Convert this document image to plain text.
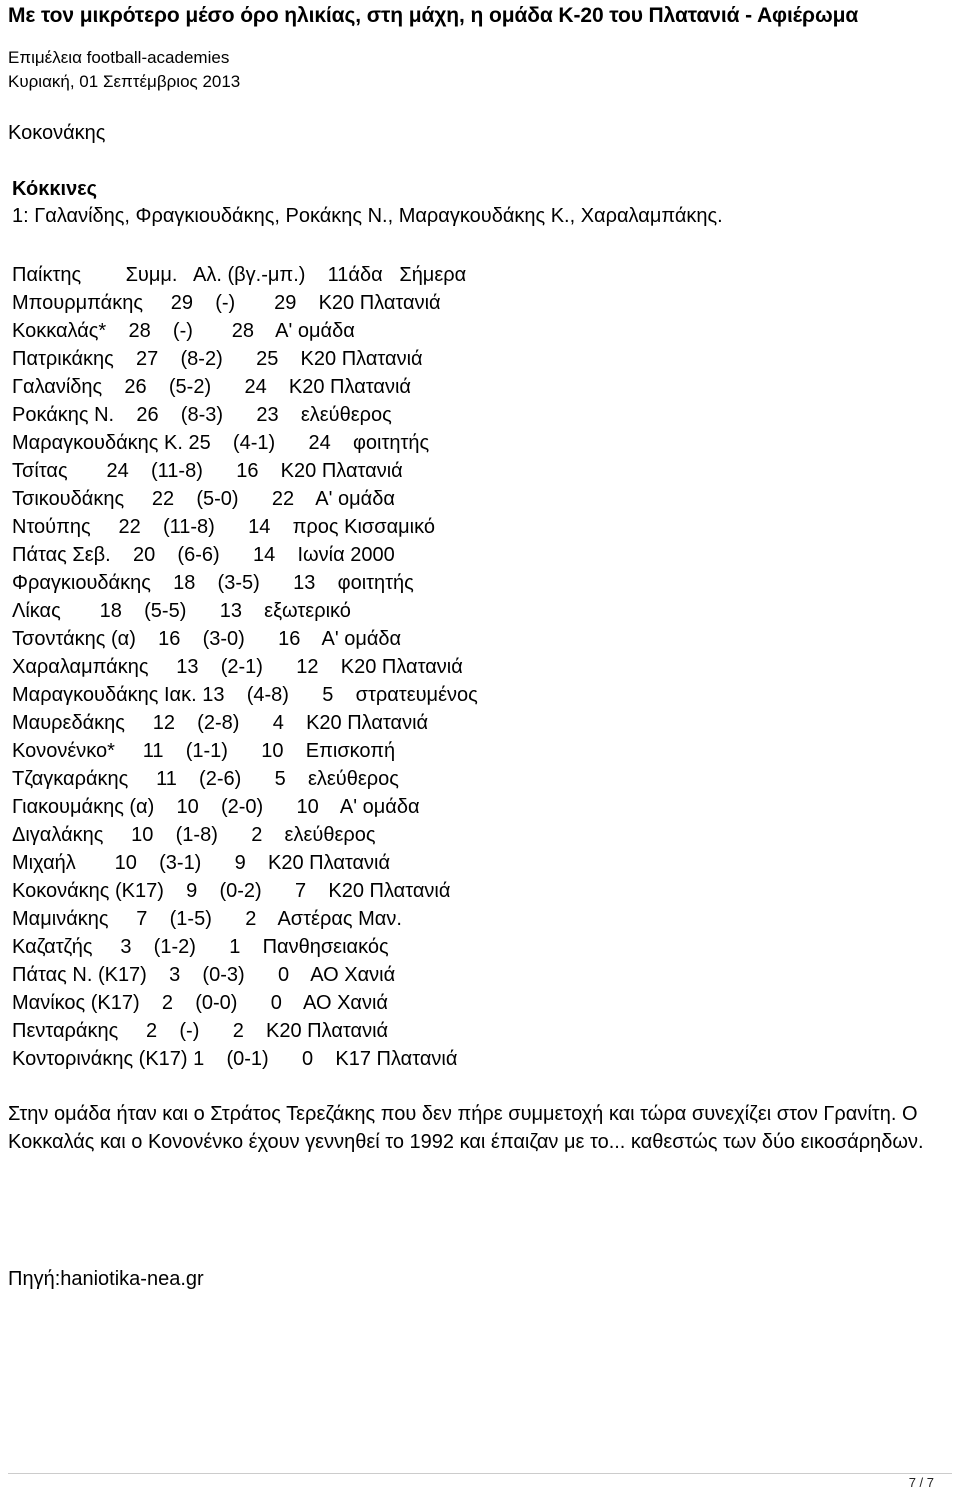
Με τον μικρότερο μέσο όρο ηλικίας, στη μάχη, η ομάδα Κ-20 του Πλατανιά - Αφιέρωμα
Επιμέλεια football-academies
Κυριακή, 01 Σεπτέμβριος 2013
Κοκονάκης
Κόκκινες
1: Γαλανίδης, Φραγκιουδάκης, Ροκάκης Ν., Μαραγκουδάκης Κ., Χαραλαμπάκης.
Παίκτης        Συμμ.   Αλ. (βγ.-μπ.)    11άδα   Σήμερα
Μπουρμπάκης     29    (-)       29    Κ20 Πλατανιά
Κοκκαλάς*    28    (-)       28    Α' ομάδα
Πατρικάκης    27    (8-2)      25    Κ20 Πλατανιά
Γαλανίδης    26    (5-2)      24    Κ20 Πλατανιά
Ροκάκης Ν.    26    (8-3)      23    ελεύθερος
Μαραγκουδάκης Κ. 25    (4-1)      24    φοιτητής
Τσίτας       24    (11-8)      16    Κ20 Πλατανιά
Τσικουδάκης     22    (5-0)      22    Α' ομάδα
Ντούπης     22    (11-8)      14    προς Κισσαμικό
Πάτας Σεβ.    20    (6-6)      14    Ιωνία 2000
Φραγκιουδάκης    18    (3-5)      13    φοιτητής
Λίκας       18    (5-5)      13    εξωτερικό
Τσοντάκης (α)    16    (3-0)      16    Α' ομάδα
Χαραλαμπάκης     13    (2-1)      12    Κ20 Πλατανιά
Μαραγκουδάκης Ιακ. 13    (4-8)      5    στρατευμένος
Μαυρεδάκης     12    (2-8)      4    Κ20 Πλατανιά
Κονονένκο*     11    (1-1)      10    Επισκοπή
Τζαγκαράκης     11    (2-6)      5    ελεύθερος
Γιακουμάκης (α)    10    (2-0)      10    Α' ομάδα
Διγαλάκης     10    (1-8)      2    ελεύθερος
Μιχαήλ       10    (3-1)      9    Κ20 Πλατανιά
Κοκονάκης (Κ17)    9    (0-2)      7    Κ20 Πλατανιά
Μαμινάκης     7    (1-5)      2    Αστέρας Μαν.
Καζατζής     3    (1-2)      1    Πανθησειακός
Πάτας Ν. (Κ17)    3    (0-3)      0    ΑΟ Χανιά
Μανίκος (Κ17)    2    (0-0)      0    ΑΟ Χανιά
Πενταράκης     2    (-)      2    Κ20 Πλατανιά
Κοντορινάκης (Κ17) 1    (0-1)      0    Κ17 Πλατανιά
Στην ομάδα ήταν και ο Στράτος Τερεζάκης που δεν πήρε συμμετοχή και τώρα συνεχίζει στον Γρανίτη. Ο Κοκκαλάς και ο Κονονένκο έχουν γεννηθεί το 1992 και έπαιζαν με το... καθεστώς των δύο εικοσάρηδων.
Πηγή:haniotika-nea.gr
7 / 7
